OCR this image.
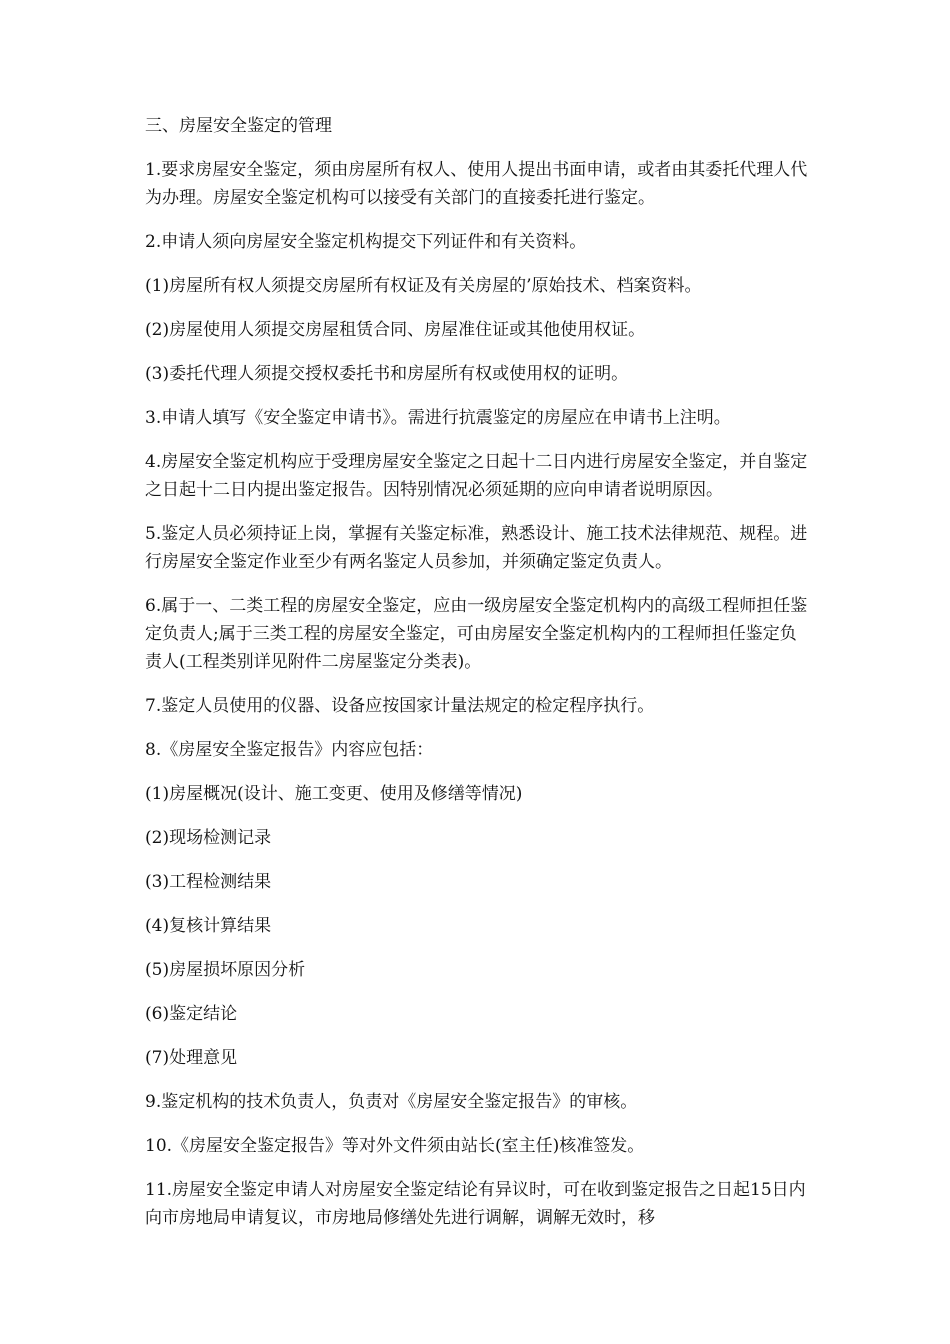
三、房屋安全鉴定的管理

1.要求房屋安全鉴定，须由房屋所有权人、使用人提出书面申请，或者由其委托代理人代为办理。房屋安全鉴定机构可以接受有关部门的直接委托进行鉴定。

2.申请人须向房屋安全鉴定机构提交下列证件和有关资料。

(1)房屋所有权人须提交房屋所有权证及有关房屋的’原始技术、档案资料。

(2)房屋使用人须提交房屋租赁合同、房屋准住证或其他使用权证。

(3)委托代理人须提交授权委托书和房屋所有权或使用权的证明。

3.申请人填写《安全鉴定申请书》。需进行抗震鉴定的房屋应在申请书上注明。

4.房屋安全鉴定机构应于受理房屋安全鉴定之日起十二日内进行房屋安全鉴定，并自鉴定之日起十二日内提出鉴定报告。因特别情况必须延期的应向申请者说明原因。

5.鉴定人员必须持证上岗，掌握有关鉴定标准，熟悉设计、施工技术法律规范、规程。进行房屋安全鉴定作业至少有两名鉴定人员参加，并须确定鉴定负责人。

6.属于一、二类工程的房屋安全鉴定，应由一级房屋安全鉴定机构内的高级工程师担任鉴定负责人;属于三类工程的房屋安全鉴定，可由房屋安全鉴定机构内的工程师担任鉴定负责人(工程类别详见附件二房屋鉴定分类表)。

7.鉴定人员使用的仪器、设备应按国家计量法规定的检定程序执行。

8.《房屋安全鉴定报告》内容应包括：

(1)房屋概况(设计、施工变更、使用及修缮等情况)

(2)现场检测记录

(3)工程检测结果

(4)复核计算结果

(5)房屋损坏原因分析

(6)鉴定结论

(7)处理意见

9.鉴定机构的技术负责人，负责对《房屋安全鉴定报告》的审核。

10.《房屋安全鉴定报告》等对外文件须由站长(室主任)核准签发。

11.房屋安全鉴定申请人对房屋安全鉴定结论有异议时，可在收到鉴定报告之日起15日内向市房地局申请复议，市房地局修缮处先进行调解，调解无效时，移
